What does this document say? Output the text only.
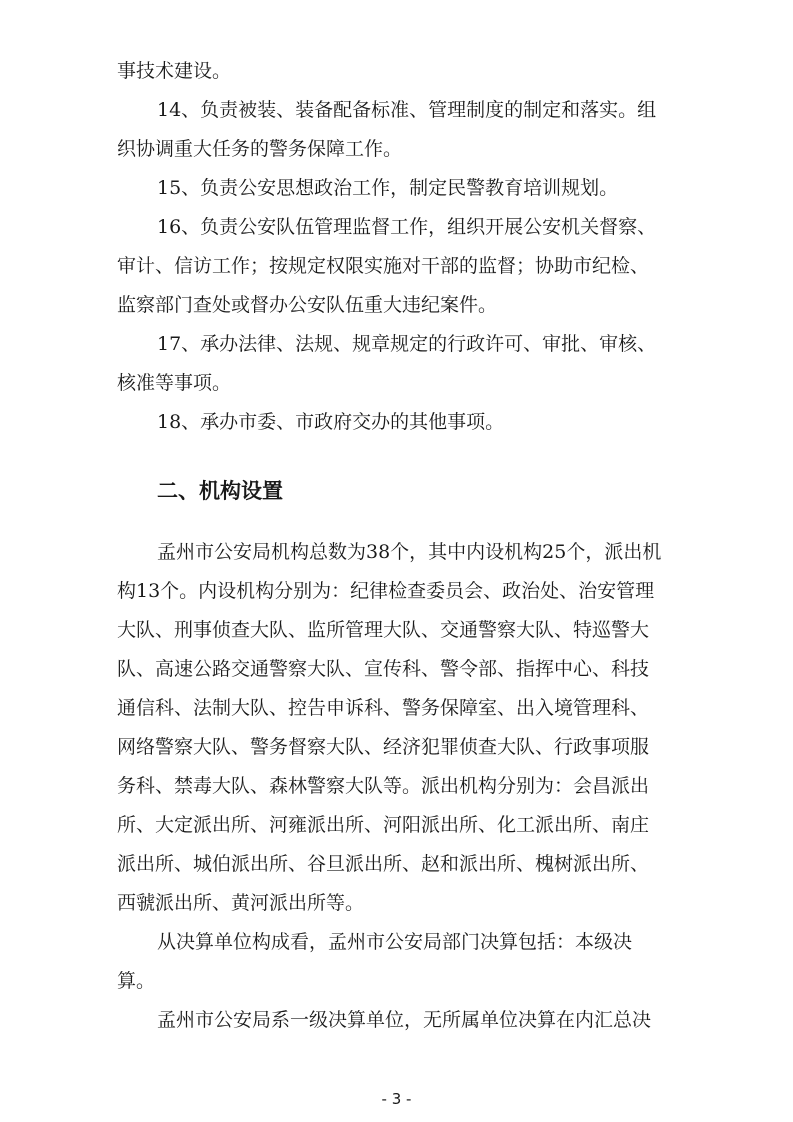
事技术建设。

14、负责被装、装备配备标准、管理制度的制定和落实。组

织协调重大任务的警务保障工作。

15、负责公安思想政治工作，制定民警教育培训规划。

16、负责公安队伍管理监督工作，组织开展公安机关督察、

审计、信访工作；按规定权限实施对干部的监督；协助市纪检、

监察部门查处或督办公安队伍重大违纪案件。

17、承办法律、法规、规章规定的行政许可、审批、审核、

核准等事项。

18、承办市委、市政府交办的其他事项。

二、机构设置

孟州市公安局机构总数为38个，其中内设机构25个，派出机

构13个。内设机构分别为：纪律检查委员会、政治处、治安管理

大队、刑事侦查大队、监所管理大队、交通警察大队、特巡警大

队、高速公路交通警察大队、宣传科、警令部、指挥中心、科技

通信科、法制大队、控告申诉科、警务保障室、出入境管理科、

网络警察大队、警务督察大队、经济犯罪侦查大队、行政事项服

务科、禁毒大队、森林警察大队等。派出机构分别为：会昌派出

所、大定派出所、河雍派出所、河阳派出所、化工派出所、南庄

派出所、城伯派出所、谷旦派出所、赵和派出所、槐树派出所、

西虢派出所、黄河派出所等。

从决算单位构成看，孟州市公安局部门决算包括：本级决

算。

孟州市公安局系一级决算单位，无所属单位决算在内汇总决

- 3 -
